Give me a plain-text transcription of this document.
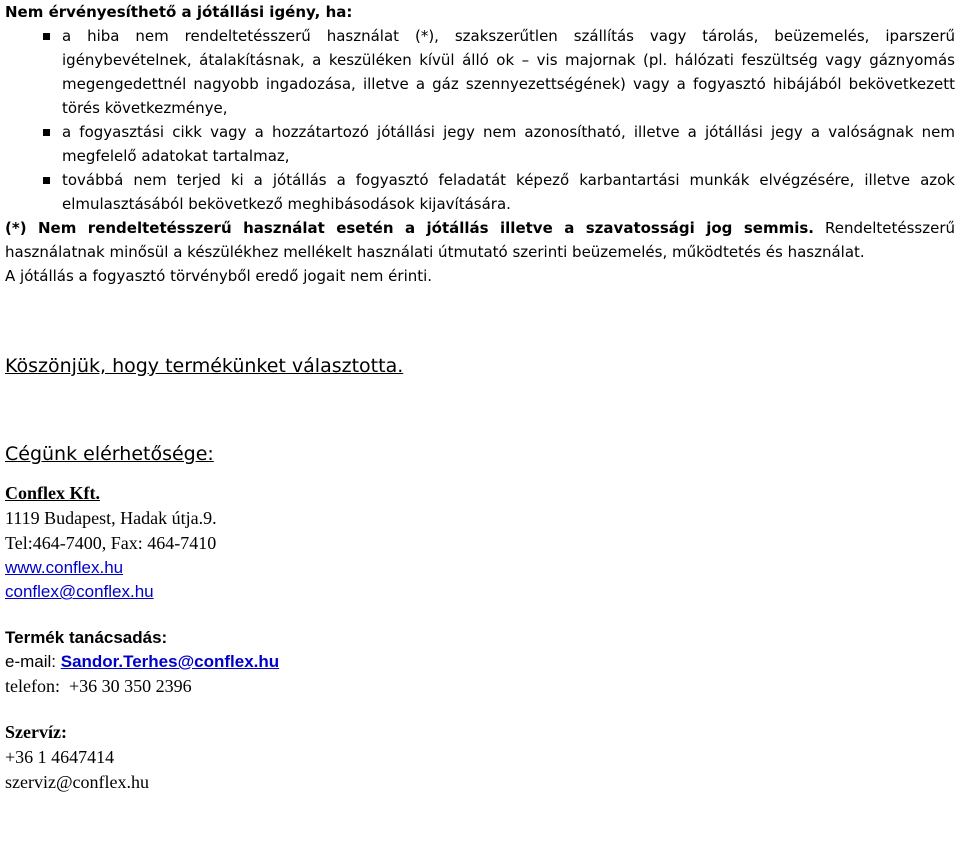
Nem érvényesíthető a jótállási igény, ha:
a hiba nem rendeltetésszerű használat (*), szakszerűtlen szállítás vagy tárolás, beüzemelés, iparszerű igénybevételnek, átalakításnak, a keszüléken kívül álló ok – vis majornak (pl. hálózati feszültség vagy gáznyomás megengedettnél nagyobb ingadozása, illetve a gáz szennyezettségének) vagy a fogyasztó hibájából bekövetkezett törés következménye,
a fogyasztási cikk vagy a hozzátartozó jótállási jegy nem azonosítható, illetve a jótállási jegy a valóságnak nem megfelelő adatokat tartalmaz,
továbbá nem terjed ki a jótállás a fogyasztó feladatát képező karbantartási munkák elvégzésére, illetve azok elmulasztásából bekövetkező meghibásodások kijavítására.
(*) Nem rendeltetésszerű használat esetén a jótállás illetve a szavatossági jog semmis. Rendeltetésszerű használatnak minősül a készülékhez mellékelt használati útmutató szerinti beüzemelés, működtetés és használat.
A jótállás a fogyasztó törvényből eredő jogait nem érinti.
Köszönjük, hogy termékünket választotta.
Cégünk elérhetősége:
Conflex Kft.
1119 Budapest, Hadak útja.9.
Tel:464-7400, Fax: 464-7410
www.conflex.hu
conflex@conflex.hu
Termék tanácsadás:
e-mail: Sandor.Terhes@conflex.hu
telefon:  +36 30 350 2396
Szervíz:
+36 1 4647414
szerviz@conflex.hu
